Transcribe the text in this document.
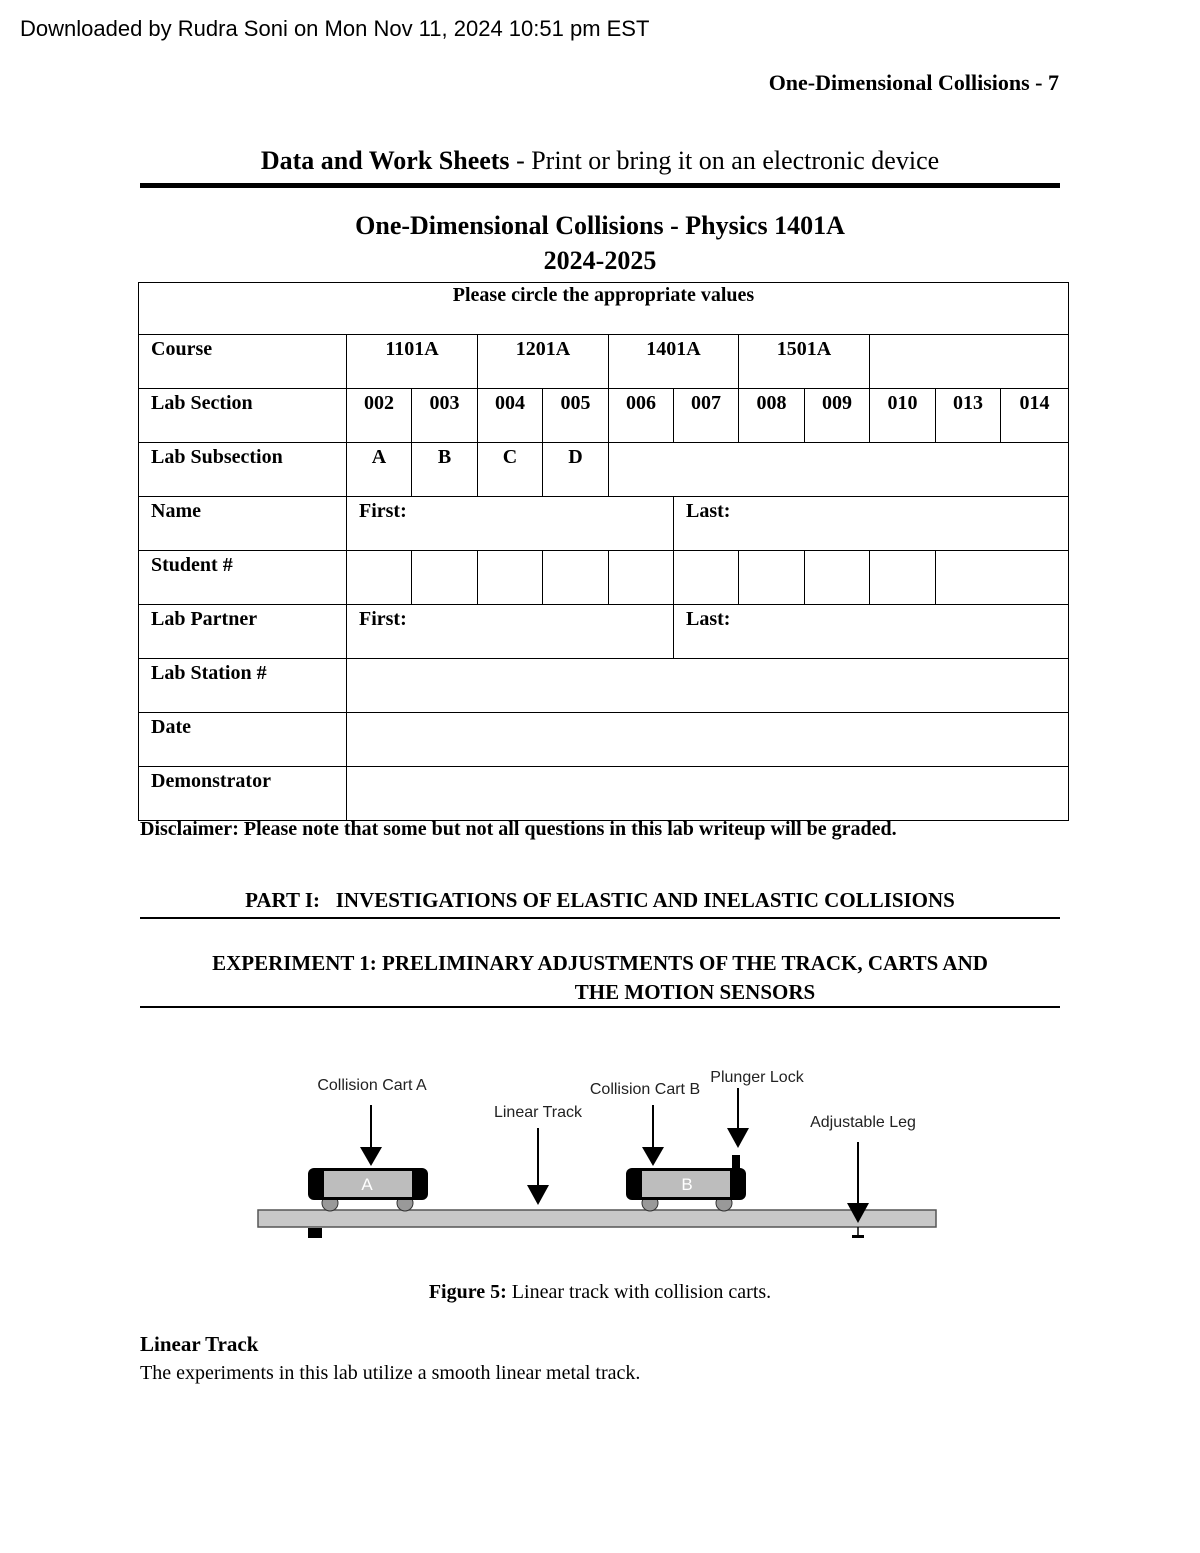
Downloaded by Rudra Soni on Mon Nov 11, 2024 10:51 pm EST
One-Dimensional Collisions - 7
Data and Work Sheets - Print or bring it on an electronic device
One-Dimensional Collisions - Physics 1401A
2024-2025
Please circle the appropriate values											
Course	1101A		1201A		1401A		1501A				
Lab Section	002	003	004	005	006	007	008	009	010	013	014
Lab Subsection	A	B	C	D							
Name	First:					Last:					
Student #											
Lab Partner	First:					Last:					
Lab Station #											
Date											
Demonstrator											
Disclaimer: Please note that some but not all questions in this lab writeup will be graded.
PART I:   INVESTIGATIONS OF ELASTIC AND INELASTIC COLLISIONS
EXPERIMENT 1: PRELIMINARY ADJUSTMENTS OF THE TRACK, CARTS AND
THE MOTION SENSORS
A	B
Collision Cart A
Linear Track
Collision Cart B
Plunger Lock
Adjustable Leg
Figure 5: Linear track with collision carts.
Linear Track
The experiments in this lab utilize a smooth linear metal track.
